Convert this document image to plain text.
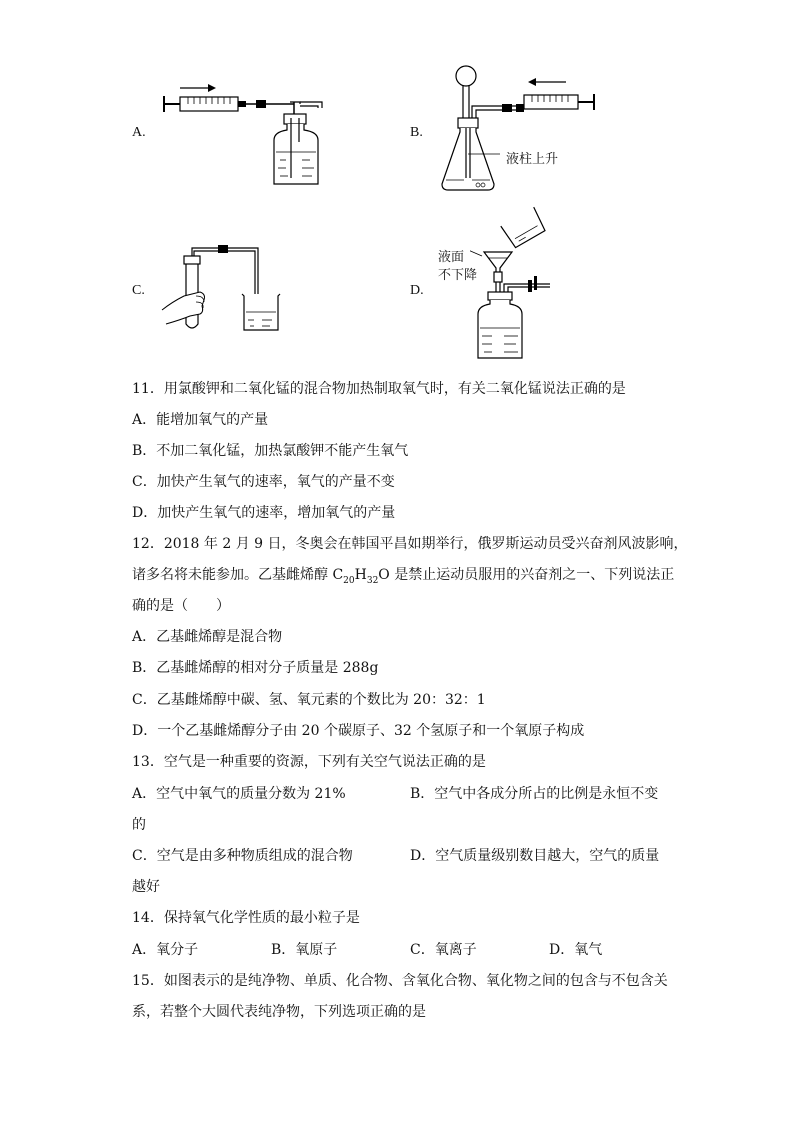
A.	B.
液柱上升
C.	D.
液面
不下降
11．用氯酸钾和二氧化锰的混合物加热制取氧气时，有关二氧化锰说法正确的是
A．能增加氧气的产量
B．不加二氧化锰，加热氯酸钾不能产生氧气
C．加快产生氧气的速率，氧气的产量不变
D．加快产生氧气的速率，增加氧气的产量
12．2018 年 2 月 9 日，冬奥会在韩国平昌如期举行，俄罗斯运动员受兴奋剂风波影响，
诸多名将未能参加。乙基雌烯醇 $C_{20}H_{32}O$ 是禁止运动员服用的兴奋剂之一、下列说法正
确的是（　　）
A．乙基雌烯醇是混合物
B．乙基雌烯醇的相对分子质量是 288g
C．乙基雌烯醇中碳、氢、氧元素的个数比为 20：32：1
D．一个乙基雌烯醇分子由 20 个碳原子、32 个氢原子和一个氧原子构成
13．空气是一种重要的资源，下列有关空气说法正确的是
A．空气中氧气的质量分数为 21%	B．空气中各成分所占的比例是永恒不变
的
C．空气是由多种物质组成的混合物	D．空气质量级别数目越大，空气的质量
越好
14．保持氧气化学性质的最小粒子是
A．氧分子	B．氧原子	C．氧离子	D．氧气
15．如图表示的是纯净物、单质、化合物、含氧化合物、氧化物之间的包含与不包含关
系，若整个大圆代表纯净物，下列选项正确的是
